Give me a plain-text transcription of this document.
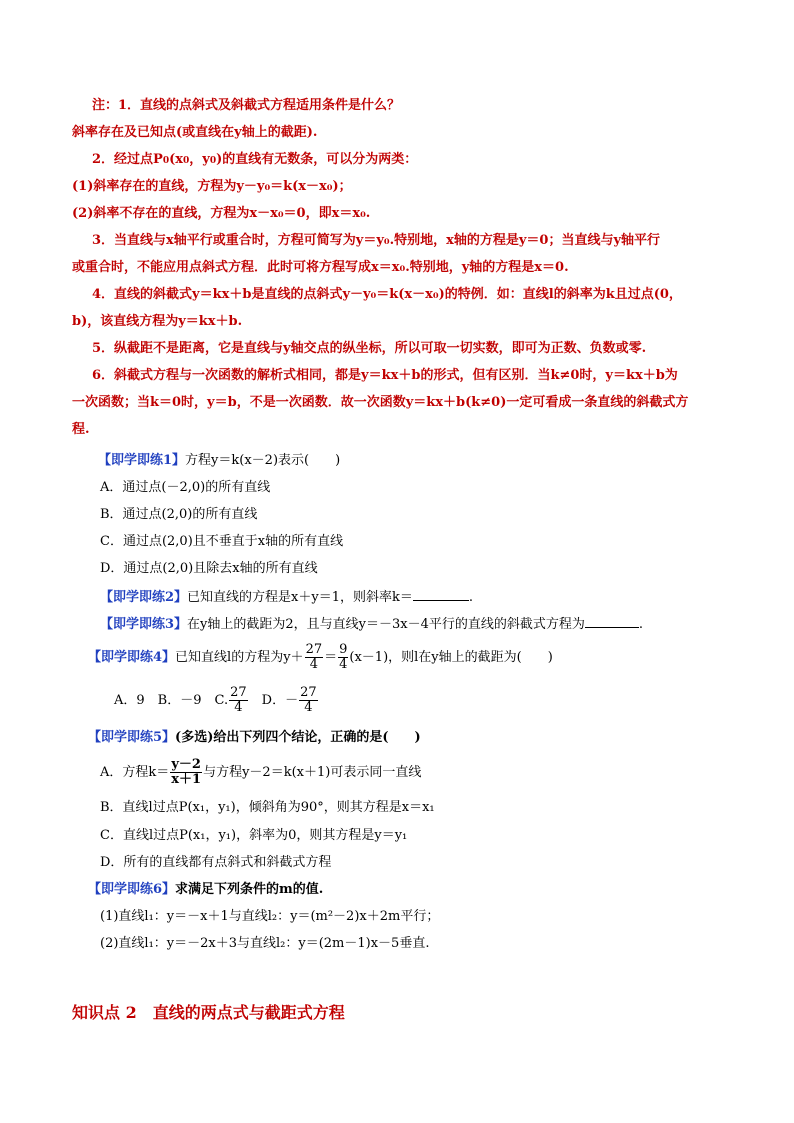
注：1．直线的点斜式及斜截式方程适用条件是什么？
斜率存在及已知点(或直线在y轴上的截距).
2．经过点P0(x0，y0)的直线有无数条，可以分为两类：
(1)斜率存在的直线，方程为y－y₀＝k(x－x₀)；
(2)斜率不存在的直线，方程为x－x₀＝0，即x＝x₀.
3．当直线与x轴平行或重合时，方程可简写为y＝y₀.特别地，x轴的方程是y＝0；当直线与y轴平行
或重合时，不能应用点斜式方程．此时可将方程写成x＝x₀.特别地，y轴的方程是x＝0.
4．直线的斜截式y＝kx＋b是直线的点斜式y－y₀＝k(x－x₀)的特例．如：直线l的斜率为k且过点(0，
b)，该直线方程为y＝kx＋b.
5．纵截距不是距离，它是直线与y轴交点的纵坐标，所以可取一切实数，即可为正数、负数或零.
6．斜截式方程与一次函数的解析式相同，都是y＝kx＋b的形式，但有区别．当k≠0时，y＝kx＋b为
一次函数；当k＝0时，y＝b，不是一次函数．故一次函数y＝kx＋b(k≠0)一定可看成一条直线的斜截式方
程.
【即学即练1】方程y＝k(x－2)表示(　　)
A．通过点(－2,0)的所有直线
B．通过点(2,0)的所有直线
C．通过点(2,0)且不垂直于x轴的所有直线
D．通过点(2,0)且除去x轴的所有直线
【即学即练2】已知直线的方程是x＋y＝1，则斜率k＝	.
【即学即练3】在y轴上的截距为2，且与直线y＝－3x－4平行的直线的斜截式方程为	.
【即学即练4】已知直线l的方程为$y+ \frac{27}{4} = \frac{9}{4} (x-1)$，则l在y轴上的截距为(　　)
A．9　B．－9　C. $\frac{27}{4}$ 　D．－ $\frac{27}{4}$
【即学即练5】(多选)给出下列四个结论，正确的是(　　)
A．方程$k= \frac{y-2}{x+1}$ 与方程y－2＝k(x＋1)可表示同一直线
B．直线l过点P(x₁，y₁)，倾斜角为90°，则其方程是x＝x₁
C．直线l过点P(x₁，y₁)，斜率为0，则其方程是y＝y₁
D．所有的直线都有点斜式和斜截式方程
【即学即练6】求满足下列条件的m的值.
(1)直线l₁：y＝－x＋1与直线l₂：y＝(m²－2)x＋2m平行；
(2)直线l₁：y＝－2x＋3与直线l₂：y＝(2m－1)x－5垂直.
知识点 2　直线的两点式与截距式方程
